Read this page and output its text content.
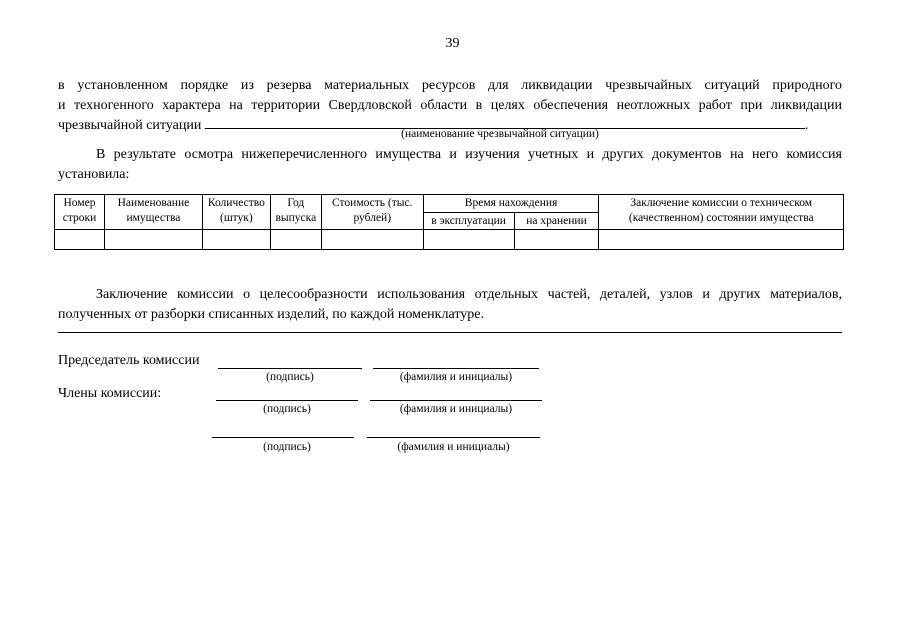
39
в установленном порядке из резерва материальных ресурсов для ликвидации чрезвычайных ситуаций природного
и техногенного характера на территории Свердловской области в целях обеспечения неотложных работ при ликвидации
чрезвычайной ситуации	.
(наименование чрезвычайной ситуации)
В результате осмотра нижеперечисленного имущества и изучения учетных и других документов на него комиссия
установила:
Номер строки	Наименование имущества	Количество (штук)	Год выпуска	Стоимость (тыс. рублей)	Время нахождения		Заключение комиссии о техническом (качественном) состоянии имущества
					в эксплуатации	на хранении	

Заключение комиссии о целесообразности использования отдельных частей, деталей, узлов и других материалов,
полученных от разборки списанных изделий, по каждой номенклатуре.
Председатель комиссии
(подпись)	(фамилия и инициалы)
Члены комиссии:
(подпись)	(фамилия и инициалы)
(подпись)	(фамилия и инициалы)
